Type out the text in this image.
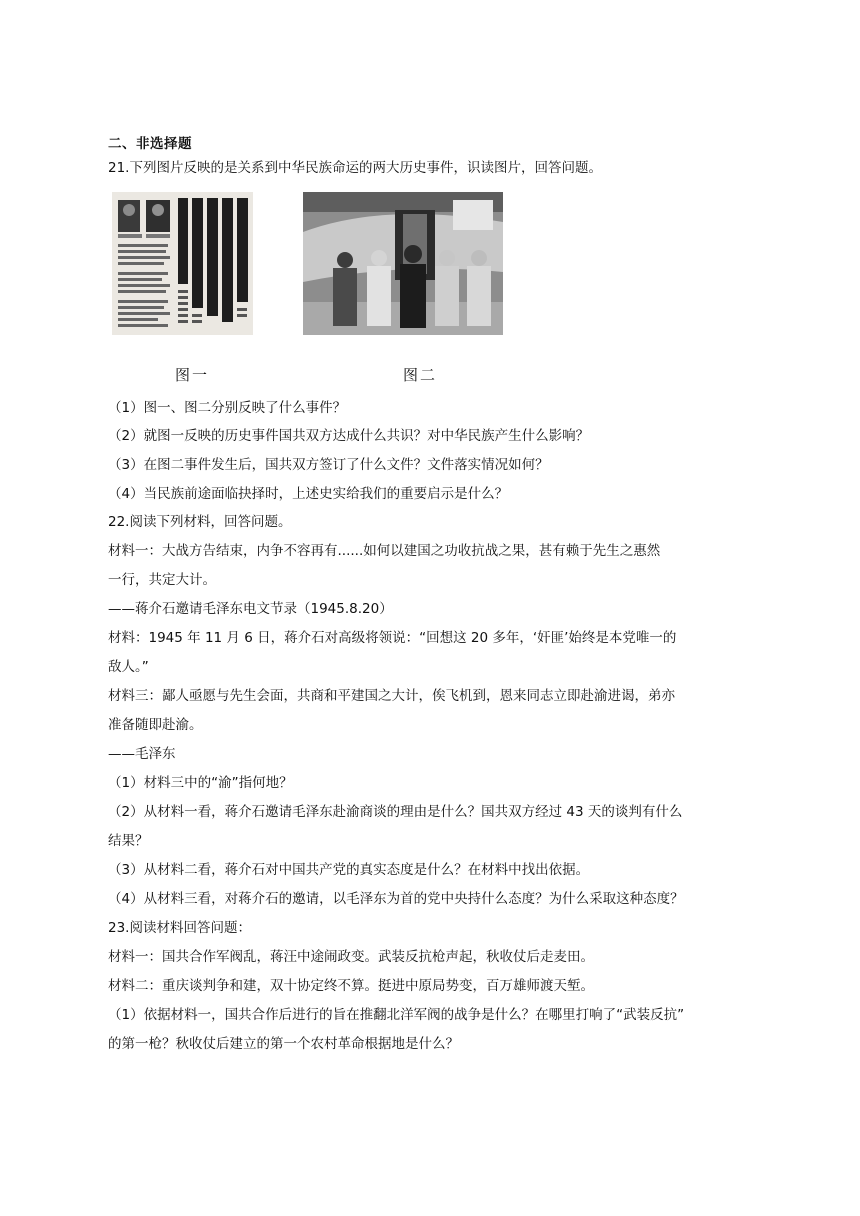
二、非选择题
21.下列图片反映的是关系到中华民族命运的两大历史事件，识读图片，回答问题。
图一	图二
（1）图一、图二分别反映了什么事件？
（2）就图一反映的历史事件国共双方达成什么共识？对中华民族产生什么影响？
（3）在图二事件发生后，国共双方签订了什么文件？文件落实情况如何？
（4）当民族前途面临抉择时，上述史实给我们的重要启示是什么？
22.阅读下列材料，回答问题。
材料一：大战方告结束，内争不容再有......如何以建国之功收抗战之果，甚有赖于先生之惠然
一行，共定大计。
——蒋介石邀请毛泽东电文节录（1945.8.20）
材料：1945 年 11 月 6 日，蒋介石对高级将领说：“回想这 20 多年，‘奸匪’始终是本党唯一的
敌人。”
材料三：鄙人亟愿与先生会面，共商和平建国之大计，俟飞机到，恩来同志立即赴渝进谒，弟亦
准备随即赴渝。
——毛泽东
（1）材料三中的“渝”指何地？
（2）从材料一看，蒋介石邀请毛泽东赴渝商谈的理由是什么？国共双方经过 43 天的谈判有什么
结果？
（3）从材料二看，蒋介石对中国共产党的真实态度是什么？在材料中找出依据。
（4）从材料三看，对蒋介石的邀请，以毛泽东为首的党中央持什么态度？为什么采取这种态度？
23.阅读材料回答问题：
材料一：国共合作军阀乱，蒋汪中途闹政变。武装反抗枪声起，秋收仗后走麦田。
材料二：重庆谈判争和建，双十协定终不算。挺进中原局势变，百万雄师渡天堑。
（1）依据材料一，国共合作后进行的旨在推翻北洋军阀的战争是什么？在哪里打响了“武装反抗”
的第一枪？秋收仗后建立的第一个农村革命根据地是什么？
